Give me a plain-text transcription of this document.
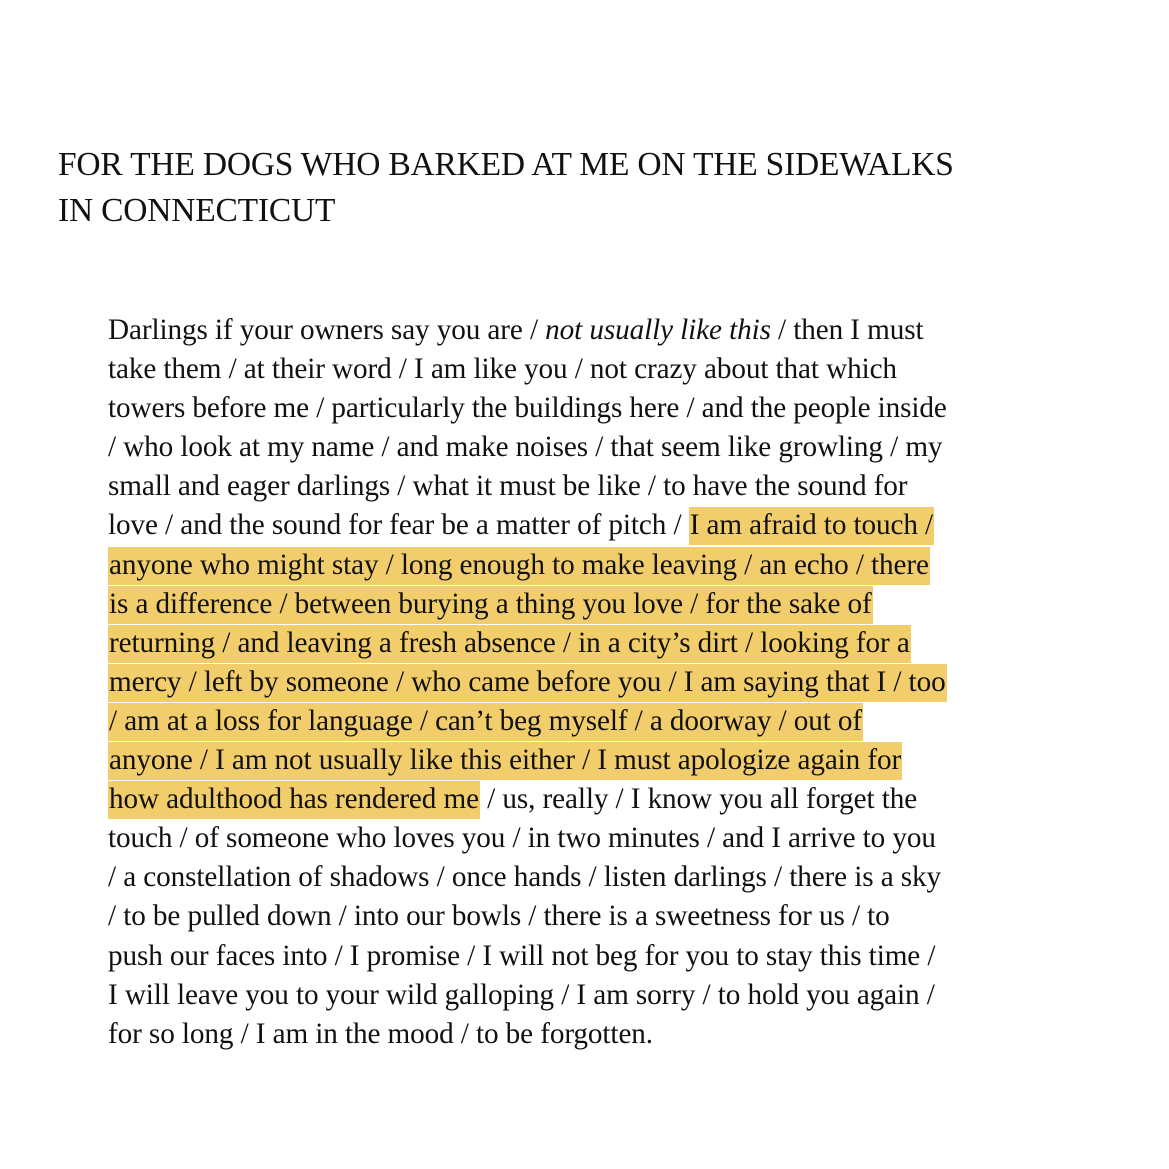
FOR THE DOGS WHO BARKED AT ME ON THE SIDEWALKS
IN CONNECTICUT
Darlings if your owners say you are / not usually like this / then I must
take them / at their word / I am like you / not crazy about that which
towers before me / particularly the buildings here / and the people inside
/ who look at my name / and make noises / that seem like growling / my
small and eager darlings / what it must be like / to have the sound for
love / and the sound for fear be a matter of pitch / I am afraid to touch /
anyone who might stay / long enough to make leaving / an echo / there
is a difference / between burying a thing you love / for the sake of
returning / and leaving a fresh absence / in a city’s dirt / looking for a
mercy / left by someone / who came before you / I am saying that I / too
/ am at a loss for language / can’t beg myself / a doorway / out of
anyone / I am not usually like this either / I must apologize again for
how adulthood has rendered me / us, really / I know you all forget the
touch / of someone who loves you / in two minutes / and I arrive to you
/ a constellation of shadows / once hands / listen darlings / there is a sky
/ to be pulled down / into our bowls / there is a sweetness for us / to
push our faces into / I promise / I will not beg for you to stay this time /
I will leave you to your wild galloping / I am sorry / to hold you again /
for so long / I am in the mood / to be forgotten.
